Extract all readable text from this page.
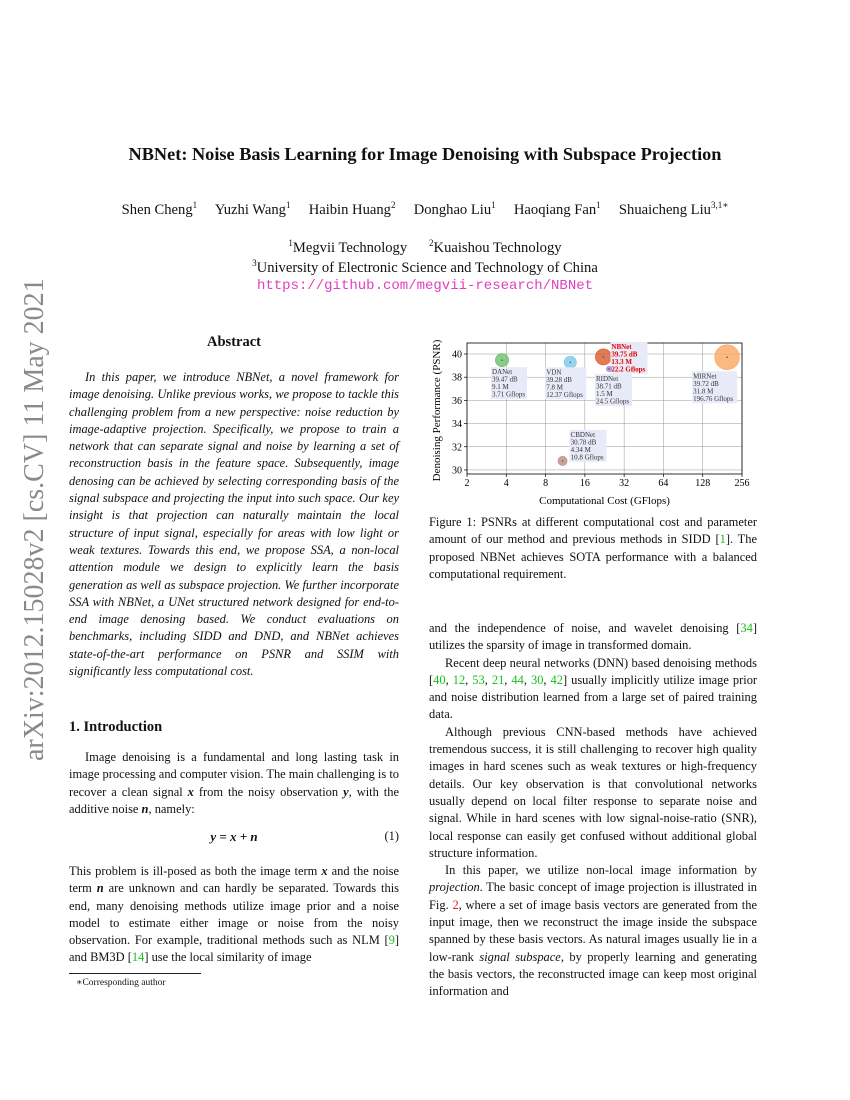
arXiv:2012.15028v2 [cs.CV] 11 May 2021
NBNet: Noise Basis Learning for Image Denoising with Subspace Projection
Shen Cheng$^1$  Yuzhi Wang$^1$  Haibin Huang$^2$  Donghao Liu$^1$  Haoqiang Fan$^1$  Shuaicheng Liu$^{3,1∗}$
$^1$Megvii Technology   $^2$Kuaishou Technology
$^3$University of Electronic Science and Technology of China
https://github.com/megvii-research/NBNet
Abstract

In this paper, we introduce NBNet, a novel framework for image denoising. Unlike previous works, we propose to tackle this challenging problem from a new perspective: noise reduction by image-adaptive projection. Specifically, we propose to train a network that can separate signal and noise by learning a set of reconstruction basis in the feature space. Subsequently, image denosing can be achieved by selecting corresponding basis of the signal subspace and projecting the input into such space. Our key insight is that projection can naturally maintain the local structure of input signal, especially for areas with low light or weak textures. Towards this end, we propose SSA, a non-local attention module we design to explicitly learn the basis generation as well as subspace projection. We further incorporate SSA with NBNet, a UNet structured network designed for end-to-end image denosing based. We conduct evaluations on benchmarks, including SIDD and DND, and NBNet achieves state-of-the-art performance on PSNR and SSIM with significantly less computational cost.

1. Introduction

Image denoising is a fundamental and long lasting task in image processing and computer vision. The main challenging is to recover a clean signal x from the noisy observation y, with the additive noise n, namely:

y = x + n	(1)

This problem is ill-posed as both the image term x and the noise term n are unknown and can hardly be separated. Towards this end, many denoising methods utilize image prior and a noise model to estimate either image or noise from the noisy observation. For example, traditional methods such as NLM [9] and BM3D [14] use the local similarity of image

∗Corresponding author
2	4	8	16	32	64	128 256
30
32
34
36
38
40
Computational Cost (GFlops)
Denoising Performance (PSNR)	DANet
39.47 dB
9.1 M
3.71 Gflops
VDN
39.28 dB
7.8 M
12.37 Gflops
NBNet
39.75 dB
13.3 M
22.2 Gflops
RIDNet
38.71 dB
1.5 M
24.5 Gflops
MIRNet
39.72 dB
31.8 M
196.76 Gflops
CBDNet
30.78 dB
4.34 M
10.8 Gflops

Figure 1: PSNRs at different computational cost and parameter amount of our method and previous methods in SIDD [1]. The proposed NBNet achieves SOTA performance with a balanced computational requirement.

and the independence of noise, and wavelet denoising [34] utilizes the sparsity of image in transformed domain.

Recent deep neural networks (DNN) based denoising methods [40, 12, 53, 21, 44, 30, 42] usually implicitly utilize image prior and noise distribution learned from a large set of paired training data.

Although previous CNN-based methods have achieved tremendous success, it is still challenging to recover high quality images in hard scenes such as weak textures or high-frequency details. Our key observation is that convolutional networks usually depend on local filter response to separate noise and signal. While in hard scenes with low signal-noise-ratio (SNR), local response can easily get confused without additional global structure information.

In this paper, we utilize non-local image information by projection. The basic concept of image projection is illustrated in Fig. 2, where a set of image basis vectors are generated from the input image, then we reconstruct the image inside the subspace spanned by these basis vectors. As natural images usually lie in a low-rank signal subspace, by properly learning and generating the basis vectors, the reconstructed image can keep most original information and
